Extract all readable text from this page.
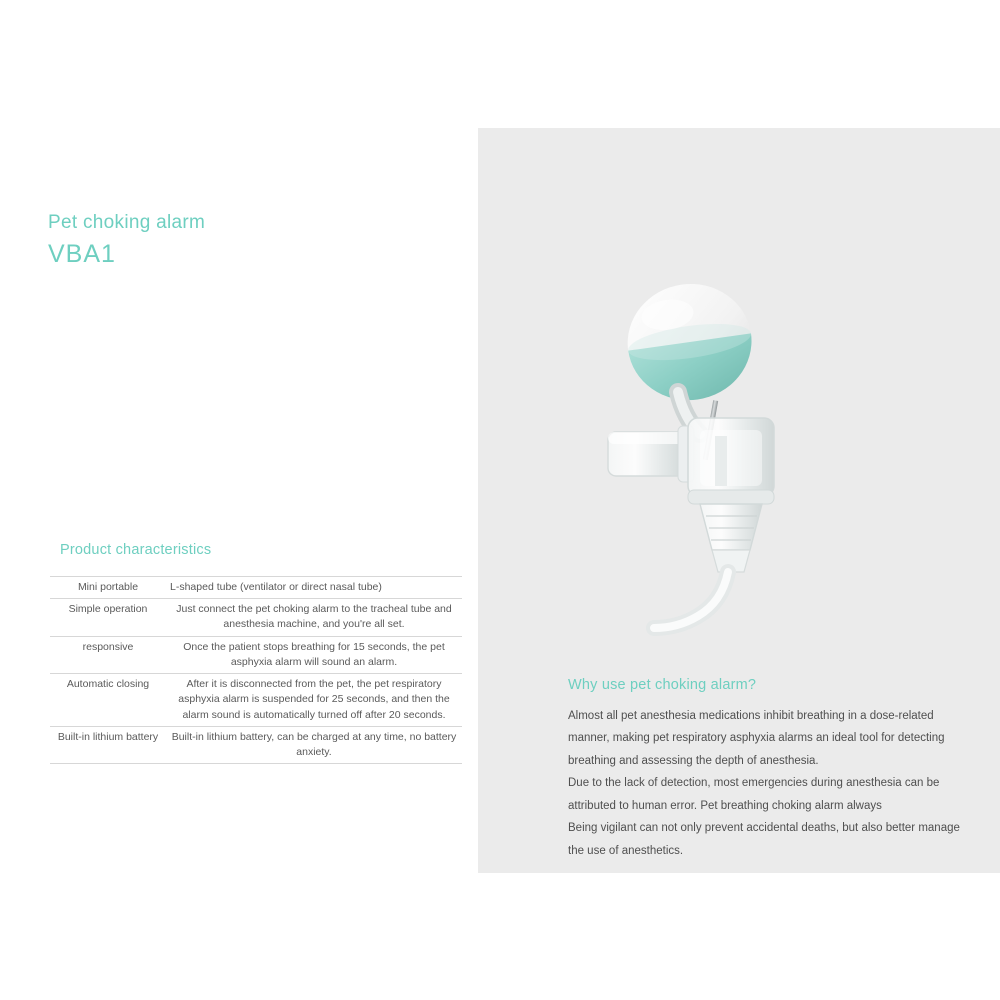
Pet choking alarm
VBA1
Product characteristics
Mini portable	L-shaped tube (ventilator or direct nasal tube)
Simple operation	Just connect the pet choking alarm to the tracheal tube and anesthesia machine, and you're all set.
responsive	Once the patient stops breathing for 15 seconds, the pet asphyxia alarm will sound an alarm.
Automatic closing	After it is disconnected from the pet, the pet respiratory asphyxia alarm is suspended for 25 seconds, and then the alarm sound is automatically turned off after 20 seconds.
Built-in lithium battery	Built-in lithium battery, can be charged at any time, no battery anxiety.
Why use pet choking alarm?

Almost all pet anesthesia medications inhibit breathing in a dose-related manner, making pet respiratory asphyxia alarms an ideal tool for detecting breathing and assessing the depth of anesthesia.

Due to the lack of detection, most emergencies during anesthesia can be attributed to human error. Pet breathing choking alarm always

Being vigilant can not only prevent accidental deaths, but also better manage the use of anesthetics.
